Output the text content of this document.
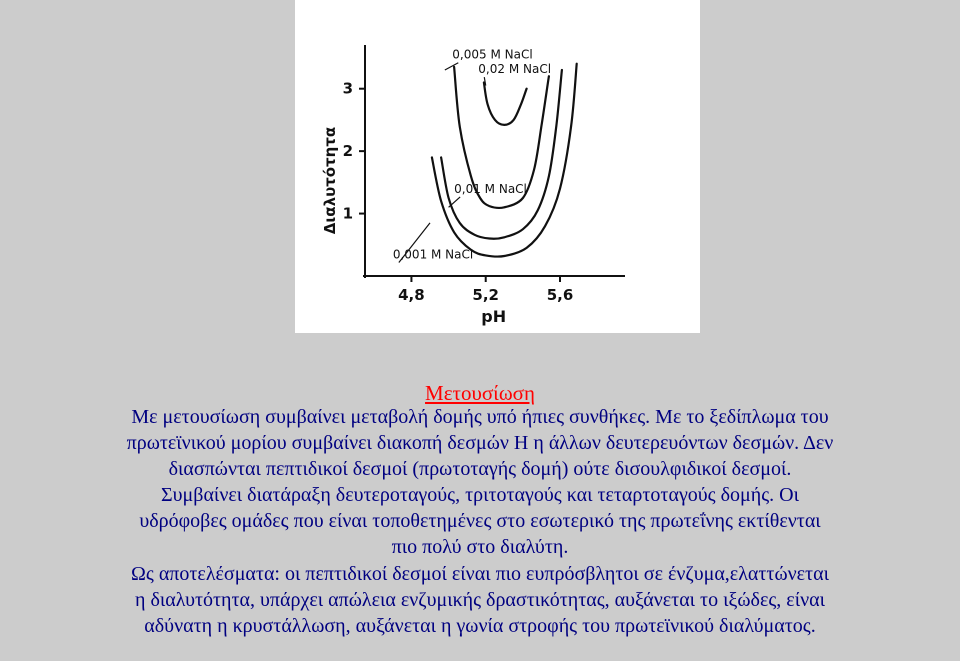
1
2
3
4,8	5,2	5,6
pH
Διαλυτότητα
0,005 M NaCl
0,02 M NaCl
0,01 M NaCl
0,001 M NaCl
Μετουσίωση

Με μετουσίωση συμβαίνει μεταβολή δομής υπό ήπιες συνθήκες. Με το ξεδίπλωμα του
πρωτεϊνικού μορίου συμβαίνει διακοπή δεσμών Η η άλλων δευτερευόντων δεσμών. Δεν
διασπώνται πεπτιδικοί δεσμοί (πρωτοταγής δομή) ούτε δισουλφιδικοί δεσμοί.
Συμβαίνει διατάραξη δευτεροταγούς, τριτοταγούς και τεταρτοταγούς δομής. Οι
υδρόφοβες ομάδες που είναι τοποθετημένες στο εσωτερικό της πρωτεΐνης εκτίθενται
πιο πολύ στο διαλύτη.
Ως αποτελέσματα: οι πεπτιδικοί δεσμοί είναι πιο ευπρόσβλητοι σε ένζυμα,ελαττώνεται
η διαλυτότητα, υπάρχει απώλεια ενζυμικής δραστικότητας, αυξάνεται το ιξώδες, είναι
αδύνατη η κρυστάλλωση, αυξάνεται η γωνία στροφής του πρωτεϊνικού διαλύματος.
